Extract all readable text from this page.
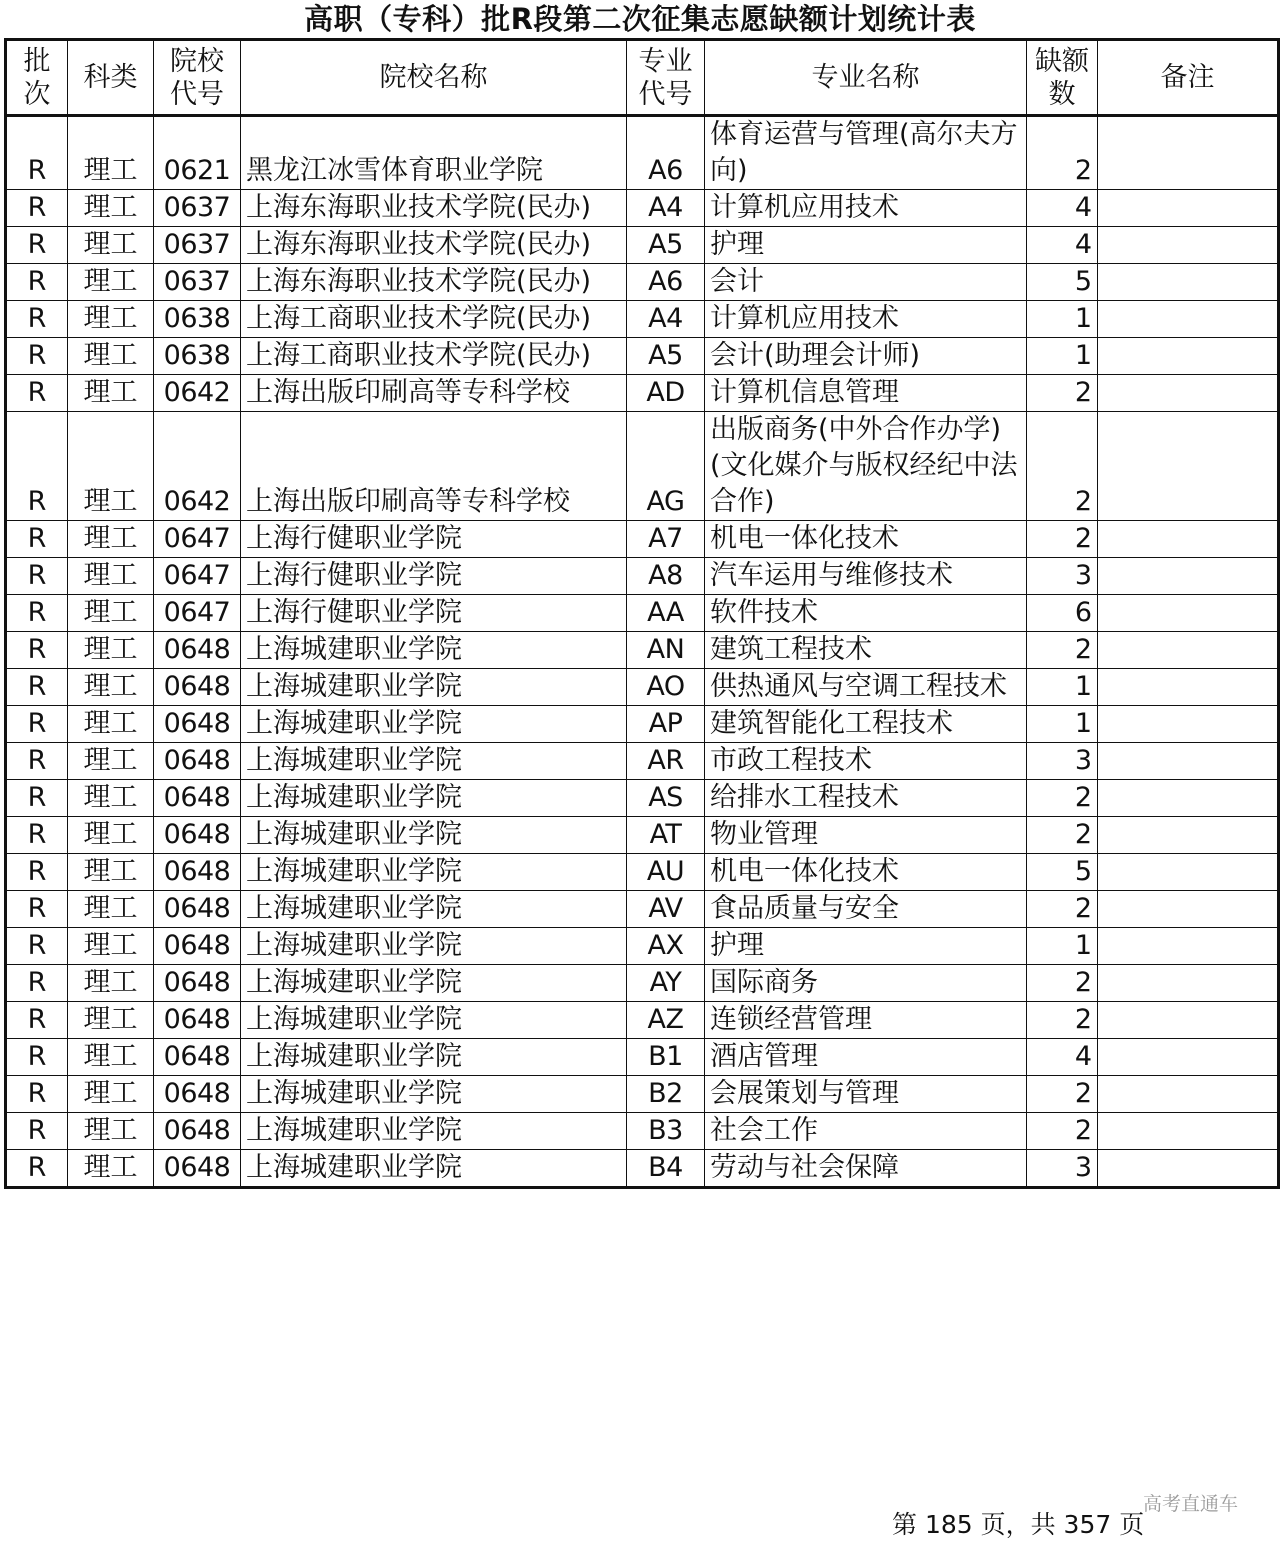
高职（专科）批R段第二次征集志愿缺额计划统计表
批次	科类	院校代号	院校名称	专业代号	专业名称	缺额数	备注
R	理工	0621	黑龙江冰雪体育职业学院	A6	体育运营与管理(高尔夫方向)	2	
R	理工	0637	上海东海职业技术学院(民办)	A4	计算机应用技术	4	
R	理工	0637	上海东海职业技术学院(民办)	A5	护理	4	
R	理工	0637	上海东海职业技术学院(民办)	A6	会计	5	
R	理工	0638	上海工商职业技术学院(民办)	A4	计算机应用技术	1	
R	理工	0638	上海工商职业技术学院(民办)	A5	会计(助理会计师)	1	
R	理工	0642	上海出版印刷高等专科学校	AD	计算机信息管理	2	
R	理工	0642	上海出版印刷高等专科学校	AG	出版商务(中外合作办学)(文化媒介与版权经纪中法合作)	2	
R	理工	0647	上海行健职业学院	A7	机电一体化技术	2	
R	理工	0647	上海行健职业学院	A8	汽车运用与维修技术	3	
R	理工	0647	上海行健职业学院	AA	软件技术	6	
R	理工	0648	上海城建职业学院	AN	建筑工程技术	2	
R	理工	0648	上海城建职业学院	AO	供热通风与空调工程技术	1	
R	理工	0648	上海城建职业学院	AP	建筑智能化工程技术	1	
R	理工	0648	上海城建职业学院	AR	市政工程技术	3	
R	理工	0648	上海城建职业学院	AS	给排水工程技术	2	
R	理工	0648	上海城建职业学院	AT	物业管理	2	
R	理工	0648	上海城建职业学院	AU	机电一体化技术	5	
R	理工	0648	上海城建职业学院	AV	食品质量与安全	2	
R	理工	0648	上海城建职业学院	AX	护理	1	
R	理工	0648	上海城建职业学院	AY	国际商务	2	
R	理工	0648	上海城建职业学院	AZ	连锁经营管理	2	
R	理工	0648	上海城建职业学院	B1	酒店管理	4	
R	理工	0648	上海城建职业学院	B2	会展策划与管理	2	
R	理工	0648	上海城建职业学院	B3	社会工作	2	
R	理工	0648	上海城建职业学院	B4	劳动与社会保障	3	
第 185 页，共 357 页
高考直通车
